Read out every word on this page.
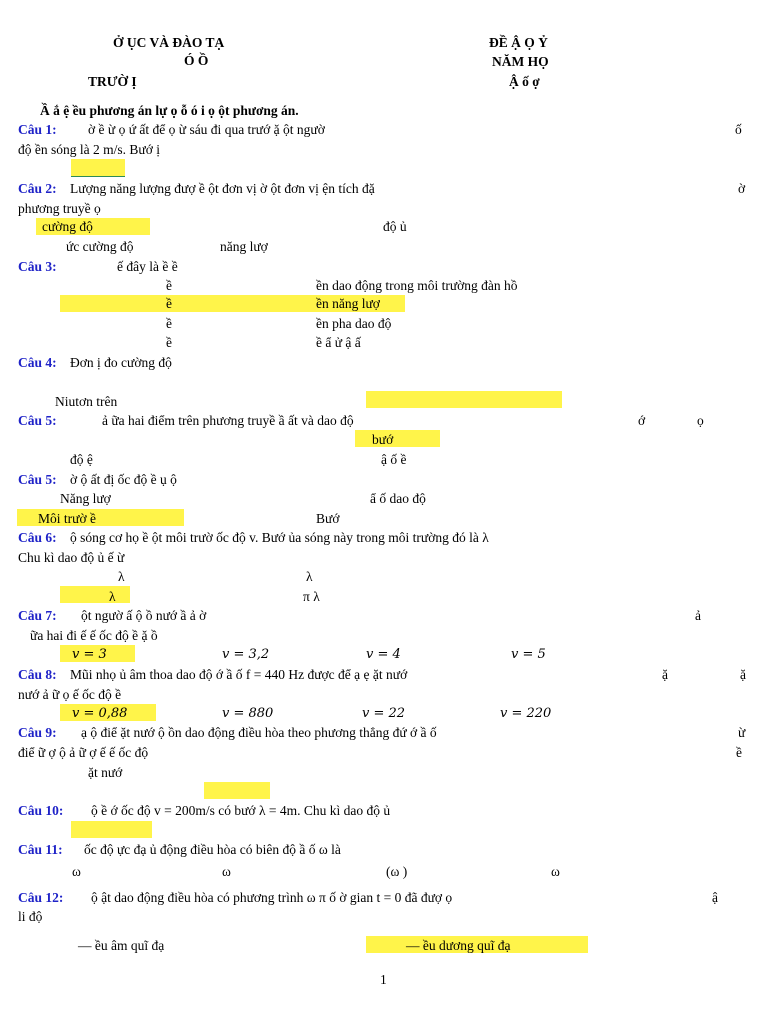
Ở ỤC VÀ ĐÀO TẠ
Ó Ồ
TRƯỜ Ị
ĐỀ Ậ Ọ Ỷ
NĂM HỌ
Ậ ố ợ
Ầ ắ ệ ều phương án lự ọ ỗ ó i ọ ột phương án.
Câu 1: ờ ề ừ ọ ứ ất để ọ ừ sáu đi qua trướ ặ ột ngườ	ố
độ ền sóng là 2 m/s. Bướ ị
Câu 2: Lượng năng lượng đượ ề ột đơn vị ờ ột đơn vị ện tích đặ	ờ
phương truyề ọ
cường độ	độ ủ
ức cường độ	năng lượ
Câu 3:	ế đây là ề ề
ề	ền dao động trong môi trường đàn hồ
ề	ền năng lượ
ề	ền pha dao độ
ề	ề ẩ ử ậ ấ
Câu 4: Đơn ị đo cường độ
Niutơn trên
Câu 5:	ả ữa hai điểm trên phương truyề ầ ất và dao độ	ớ	ọ
bướ
độ ệ	ậ ố ề
Câu 5: ờ ộ ất đị ốc độ ề ụ ộ
Năng lượ	ẩ ố dao độ
Môi trườ ề	Bướ
Câu 6: ộ sóng cơ họ ề ột môi trườ ốc độ v. Bướ ủa sóng này trong môi trường đó là λ
Chu kì dao độ ủ ế ừ
λ	λ
λ	π λ
Câu 7: ột ngườ ấ ộ ồ nướ ầ ả ờ	ả
ữa hai đi ế ế ốc độ ề ặ ồ
v = 3	v = 3,2	v = 4	v = 5
Câu 8: Mũi nhọ ủ âm thoa dao độ ớ ầ ố f = 440 Hz được để ạ ẹ ặt nướ	ặ	ặ
nướ ả ữ ọ ế ốc độ ề
v = 0,88	v = 880	v = 22	v = 220
Câu 9: ạ ộ điể ặt nướ ộ ồn dao động điều hòa theo phương thẳng đứ ớ ầ ố	ừ
điể ữ ợ ộ ả ữ ợ ế ế ốc độ	ề
ặt nướ
Câu 10: ộ ề ớ ốc độ v = 200m/s có bướ λ = 4m. Chu kì dao độ ủ
Câu 11: ốc độ ực đạ ủ động điều hòa có biên độ ầ ố ω là
ω	ω	(ω )	ω
Câu 12: ộ ật dao động điều hòa có phương trình ω π ố ờ gian t = 0 đã đượ ọ	ậ
li độ
— ều âm quĩ đạ	— ều dương quĩ đạ
1
